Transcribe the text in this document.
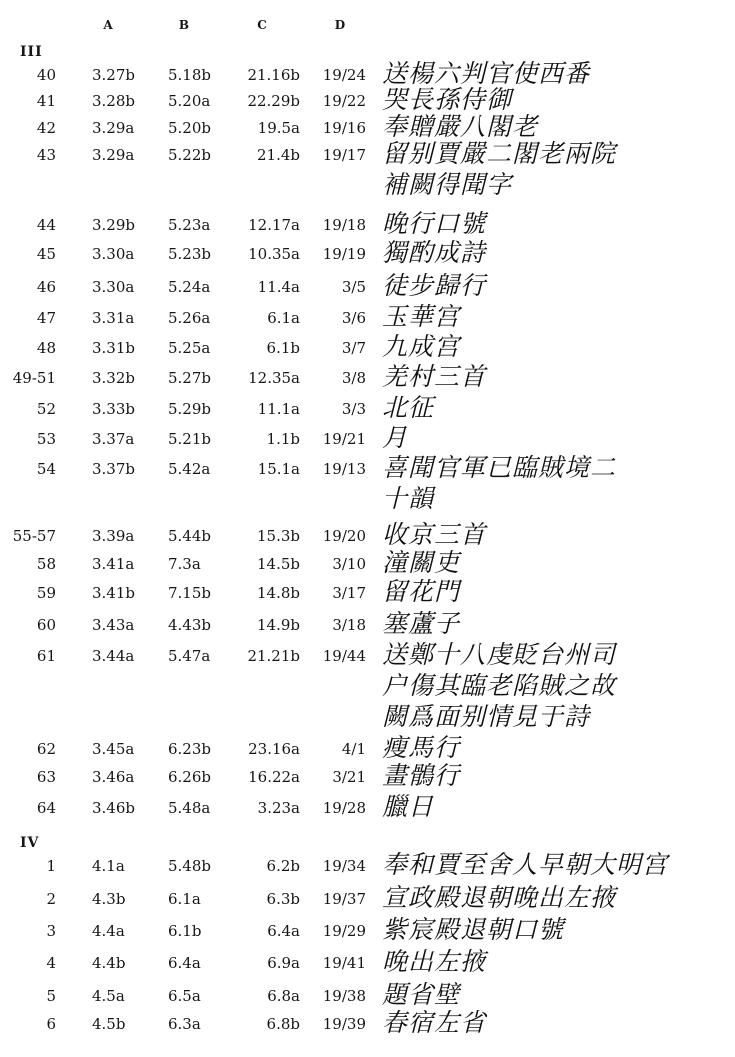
A	B	C	D
III
40 3.27b	5.18b	21.16b	19/24 送楊六判官使西番
41 3.28b	5.20a	22.29b	19/22 哭長孫侍御
42 3.29a	5.20b	19.5a	19/16 奉贈嚴八閣老
43 3.29a	5.22b	21.4b	19/17 留别賈嚴二閣老兩院
補闕得聞字
44 3.29b	5.23a	12.17a	19/18 晚行口號
45 3.30a	5.23b	10.35a	19/19 獨酌成詩
46 3.30a	5.24a	11.4a	3/5 徒步歸行
47 3.31a	5.26a	6.1a	3/6 玉華宫
48 3.31b	5.25a	6.1b	3/7 九成宫
49-51 3.32b	5.27b	12.35a	3/8 羌村三首
52 3.33b	5.29b	11.1a	3/3 北征
53 3.37a	5.21b	1.1b	19/21 月
54 3.37b	5.42a	15.1a	19/13 喜聞官軍已臨賊境二
十韻
55-57 3.39a	5.44b	15.3b	19/20 收京三首
58 3.41a	7.3a	14.5b	3/10 潼關吏
59 3.41b	7.15b	14.8b	3/17 留花門
60 3.43a	4.43b	14.9b	3/18 塞蘆子
61 3.44a	5.47a	21.21b	19/44 送鄭十八虔貶台州司
户傷其臨老陷賊之故
闕爲面别情見于詩
62 3.45a	6.23b	23.16a	4/1 瘦馬行
63 3.46a	6.26b	16.22a	3/21 畫鶻行
64 3.46b	5.48a	3.23a	19/28 臘日
IV
1 4.1a	5.48b	6.2b	19/34 奉和賈至舍人早朝大明宫
2 4.3b	6.1a	6.3b	19/37 宣政殿退朝晚出左掖
3 4.4a	6.1b	6.4a	19/29 紫宸殿退朝口號
4 4.4b	6.4a	6.9a	19/41 晚出左掖
5 4.5a	6.5a	6.8a	19/38 題省壁
6 4.5b	6.3a	6.8b	19/39 春宿左省
